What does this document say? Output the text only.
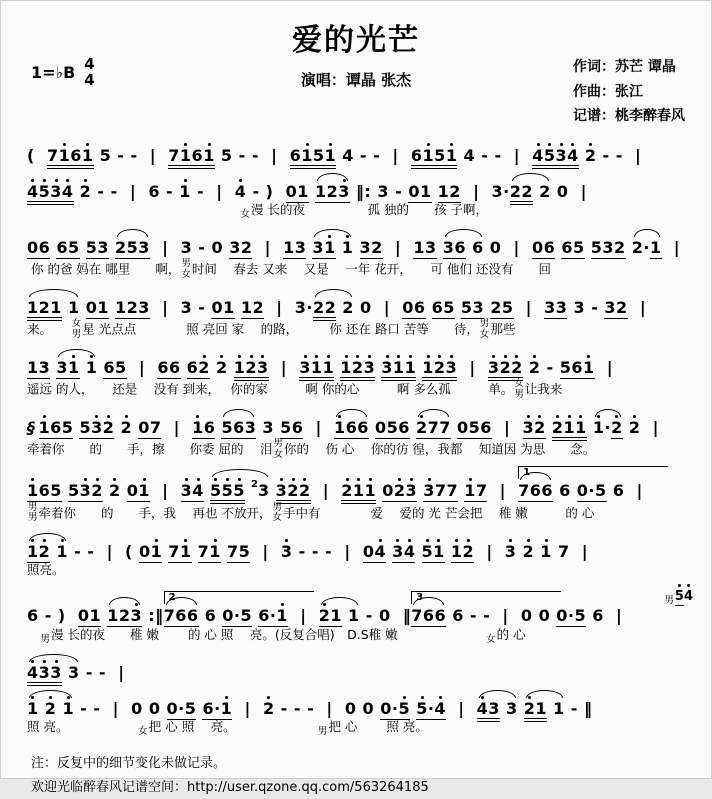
爱的光芒
演唱：谭晶 张杰
1=♭B 4
4
作词：苏芒 谭晶
作曲：张江
记谱：桃李醉春风
(  7161 5 - -  |  7161 5 - -  |  6151 4 - -  |  6151 4 - -  |  4534 2 - -  |
4534 2 - -  |  6 - 1 -  |  4 - )  01 123 ‖: 3 - 01 12  |  3·22 2 0  |

女 漫 长的夜　　　　　孤 独的　　孩 子啊，
06 65 53 253  |  3 - 0 32  |  13 31 1 32  |  13 36 6 0  |  06 65 532 2·1  |
你 的爸 妈在 哪里　　啊， 男
女 时间　 春去 又来　 又是　 一年 花开，　　可 他们 还没有　　回
121 1 01 123  |  3 - 01 12  |  3·22 2 0  |  06 65 53 25  |  33 3 - 32  |
来。　　 女
男 星 光点点　　　　照 亮回 家　 的路，　　　你 还在 路口 苦等　　待， 男
女 那些
13 31 1 65  |  66 62 2 123  |  311 123 311 123  |  322 2 - 561  |
遥远 的人，　　还是　 没有 到来，　 你的家　　　啊 你的心　　　啊 多么孤　　　单。 女
男 让我来
§ 165 532 2 07  |  16 563 3 56  |  166 056 277 056  |  32 211 1·2 2  |
牵着你　　的　　手，擦　　你委 屈的　 泪 男
女 你的　 伤 心　 你的彷 徨，我都　 知道因 为思　　念。
165 532 2 01  |  34 555 $^2$3 322  |  211 023 377 17  |  1766 6 0·5 6  |
男
男 牵着你　　的　　手，我　 再也 不放开， 男
女 手中有　　　　爱　 爱的 光 芒会把　 稚 嫩　　　的 心
12 1 - -  |  ( 01 71 71 75  |  3 - - -  |  04 34 51 12  |  3 2 1 7  |
照亮。
男 54
6 - )  01 123 :‖2766 6 0·5 6·1  |  21 1 - 0  ‖3766 6 - -  |  0 0 0·5 6  |

男 漫 长的夜　　稚 嫩　　 的 心 照　 亮。(反复合唱)　D.S稚 嫩　　　　　　　 女 的 心
433 3 - -  |
1 2 1 - -  |  0 0 0·5 6·1  |  2 - - -  |  0 0 0·5 5·4  |  43 3 21 1 - ‖
照 亮。　　　　　　 女 把 心 照　 亮。　　　　　　　 男 把 心　　 照 亮。
注：反复中的细节变化未做记录。
欢迎光临醉春风记谱空间：http://user.qzone.qq.com/563264185
